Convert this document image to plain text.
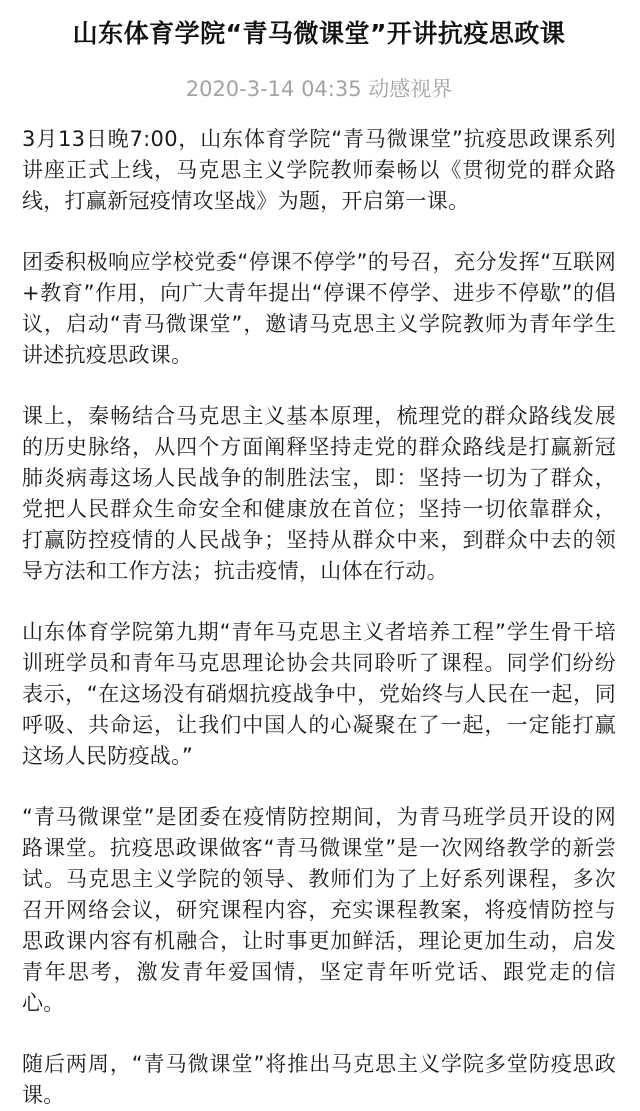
山东体育学院“青马微课堂”开讲抗疫思政课
2020-3-14 04:35 动感视界

3月13日晚7:00，山东体育学院“青马微课堂”抗疫思政课系列讲座正式上线，马克思主义学院教师秦畅以《贯彻党的群众路线，打赢新冠疫情攻坚战》为题，开启第一课。

团委积极响应学校党委“停课不停学”的号召，充分发挥“互联网+教育”作用，向广大青年提出“停课不停学、进步不停歇”的倡议，启动“青马微课堂”，邀请马克思主义学院教师为青年学生讲述抗疫思政课。

课上，秦畅结合马克思主义基本原理，梳理党的群众路线发展的历史脉络，从四个方面阐释坚持走党的群众路线是打赢新冠肺炎病毒这场人民战争的制胜法宝，即：坚持一切为了群众，党把人民群众生命安全和健康放在首位；坚持一切依靠群众，打赢防控疫情的人民战争；坚持从群众中来，到群众中去的领导方法和工作方法；抗击疫情，山体在行动。

山东体育学院第九期“青年马克思主义者培养工程”学生骨干培训班学员和青年马克思理论协会共同聆听了课程。同学们纷纷表示，“在这场没有硝烟抗疫战争中，党始终与人民在一起，同呼吸、共命运，让我们中国人的心凝聚在了一起，一定能打赢这场人民防疫战。”

“青马微课堂”是团委在疫情防控期间，为青马班学员开设的网路课堂。抗疫思政课做客“青马微课堂”是一次网络教学的新尝试。马克思主义学院的领导、教师们为了上好系列课程，多次召开网络会议，研究课程内容，充实课程教案，将疫情防控与思政课内容有机融合，让时事更加鲜活，理论更加生动，启发青年思考，激发青年爱国情，坚定青年听党话、跟党走的信心。

随后两周，“青马微课堂”将推出马克思主义学院多堂防疫思政课。
